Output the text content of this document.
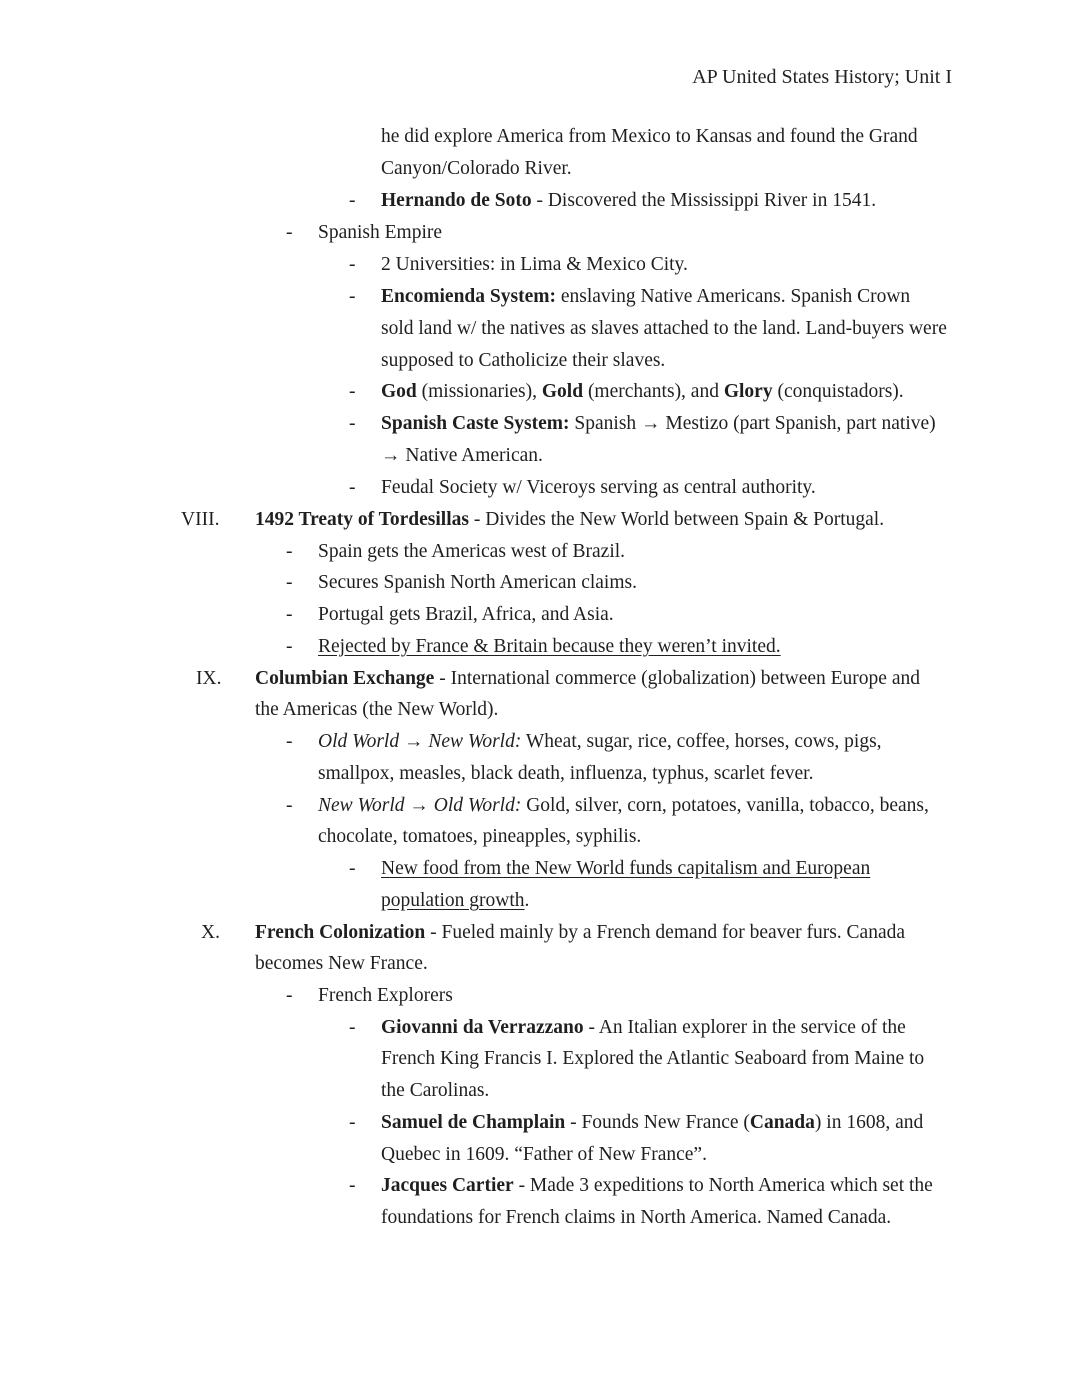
AP United States History; Unit I
he did explore America from Mexico to Kansas and found the Grand
Canyon/Colorado River.
- Hernando de Soto - Discovered the Mississippi River in 1541.
- Spanish Empire
- 2 Universities: in Lima & Mexico City.
- Encomienda System: enslaving Native Americans. Spanish Crown
sold land w/ the natives as slaves attached to the land. Land-buyers were
supposed to Catholicize their slaves.
- God (missionaries), Gold (merchants), and Glory (conquistadors).
- Spanish Caste System: Spanish → Mestizo (part Spanish, part native)
→ Native American.
- Feudal Society w/ Viceroys serving as central authority.
VIII. 1492 Treaty of Tordesillas - Divides the New World between Spain & Portugal.
- Spain gets the Americas west of Brazil.
- Secures Spanish North American claims.
- Portugal gets Brazil, Africa, and Asia.
- Rejected by France & Britain because they weren’t invited.
IX. Columbian Exchange - International commerce (globalization) between Europe and
the Americas (the New World).
- Old World → New World: Wheat, sugar, rice, coffee, horses, cows, pigs,
smallpox, measles, black death, influenza, typhus, scarlet fever.
- New World → Old World: Gold, silver, corn, potatoes, vanilla, tobacco, beans,
chocolate, tomatoes, pineapples, syphilis.
- New food from the New World funds capitalism and European
population growth.
X. French Colonization - Fueled mainly by a French demand for beaver furs. Canada
becomes New France.
- French Explorers
- Giovanni da Verrazzano - An Italian explorer in the service of the
French King Francis I. Explored the Atlantic Seaboard from Maine to
the Carolinas.
- Samuel de Champlain - Founds New France (Canada) in 1608, and
Quebec in 1609. “Father of New France”.
- Jacques Cartier - Made 3 expeditions to North America which set the
foundations for French claims in North America. Named Canada.
